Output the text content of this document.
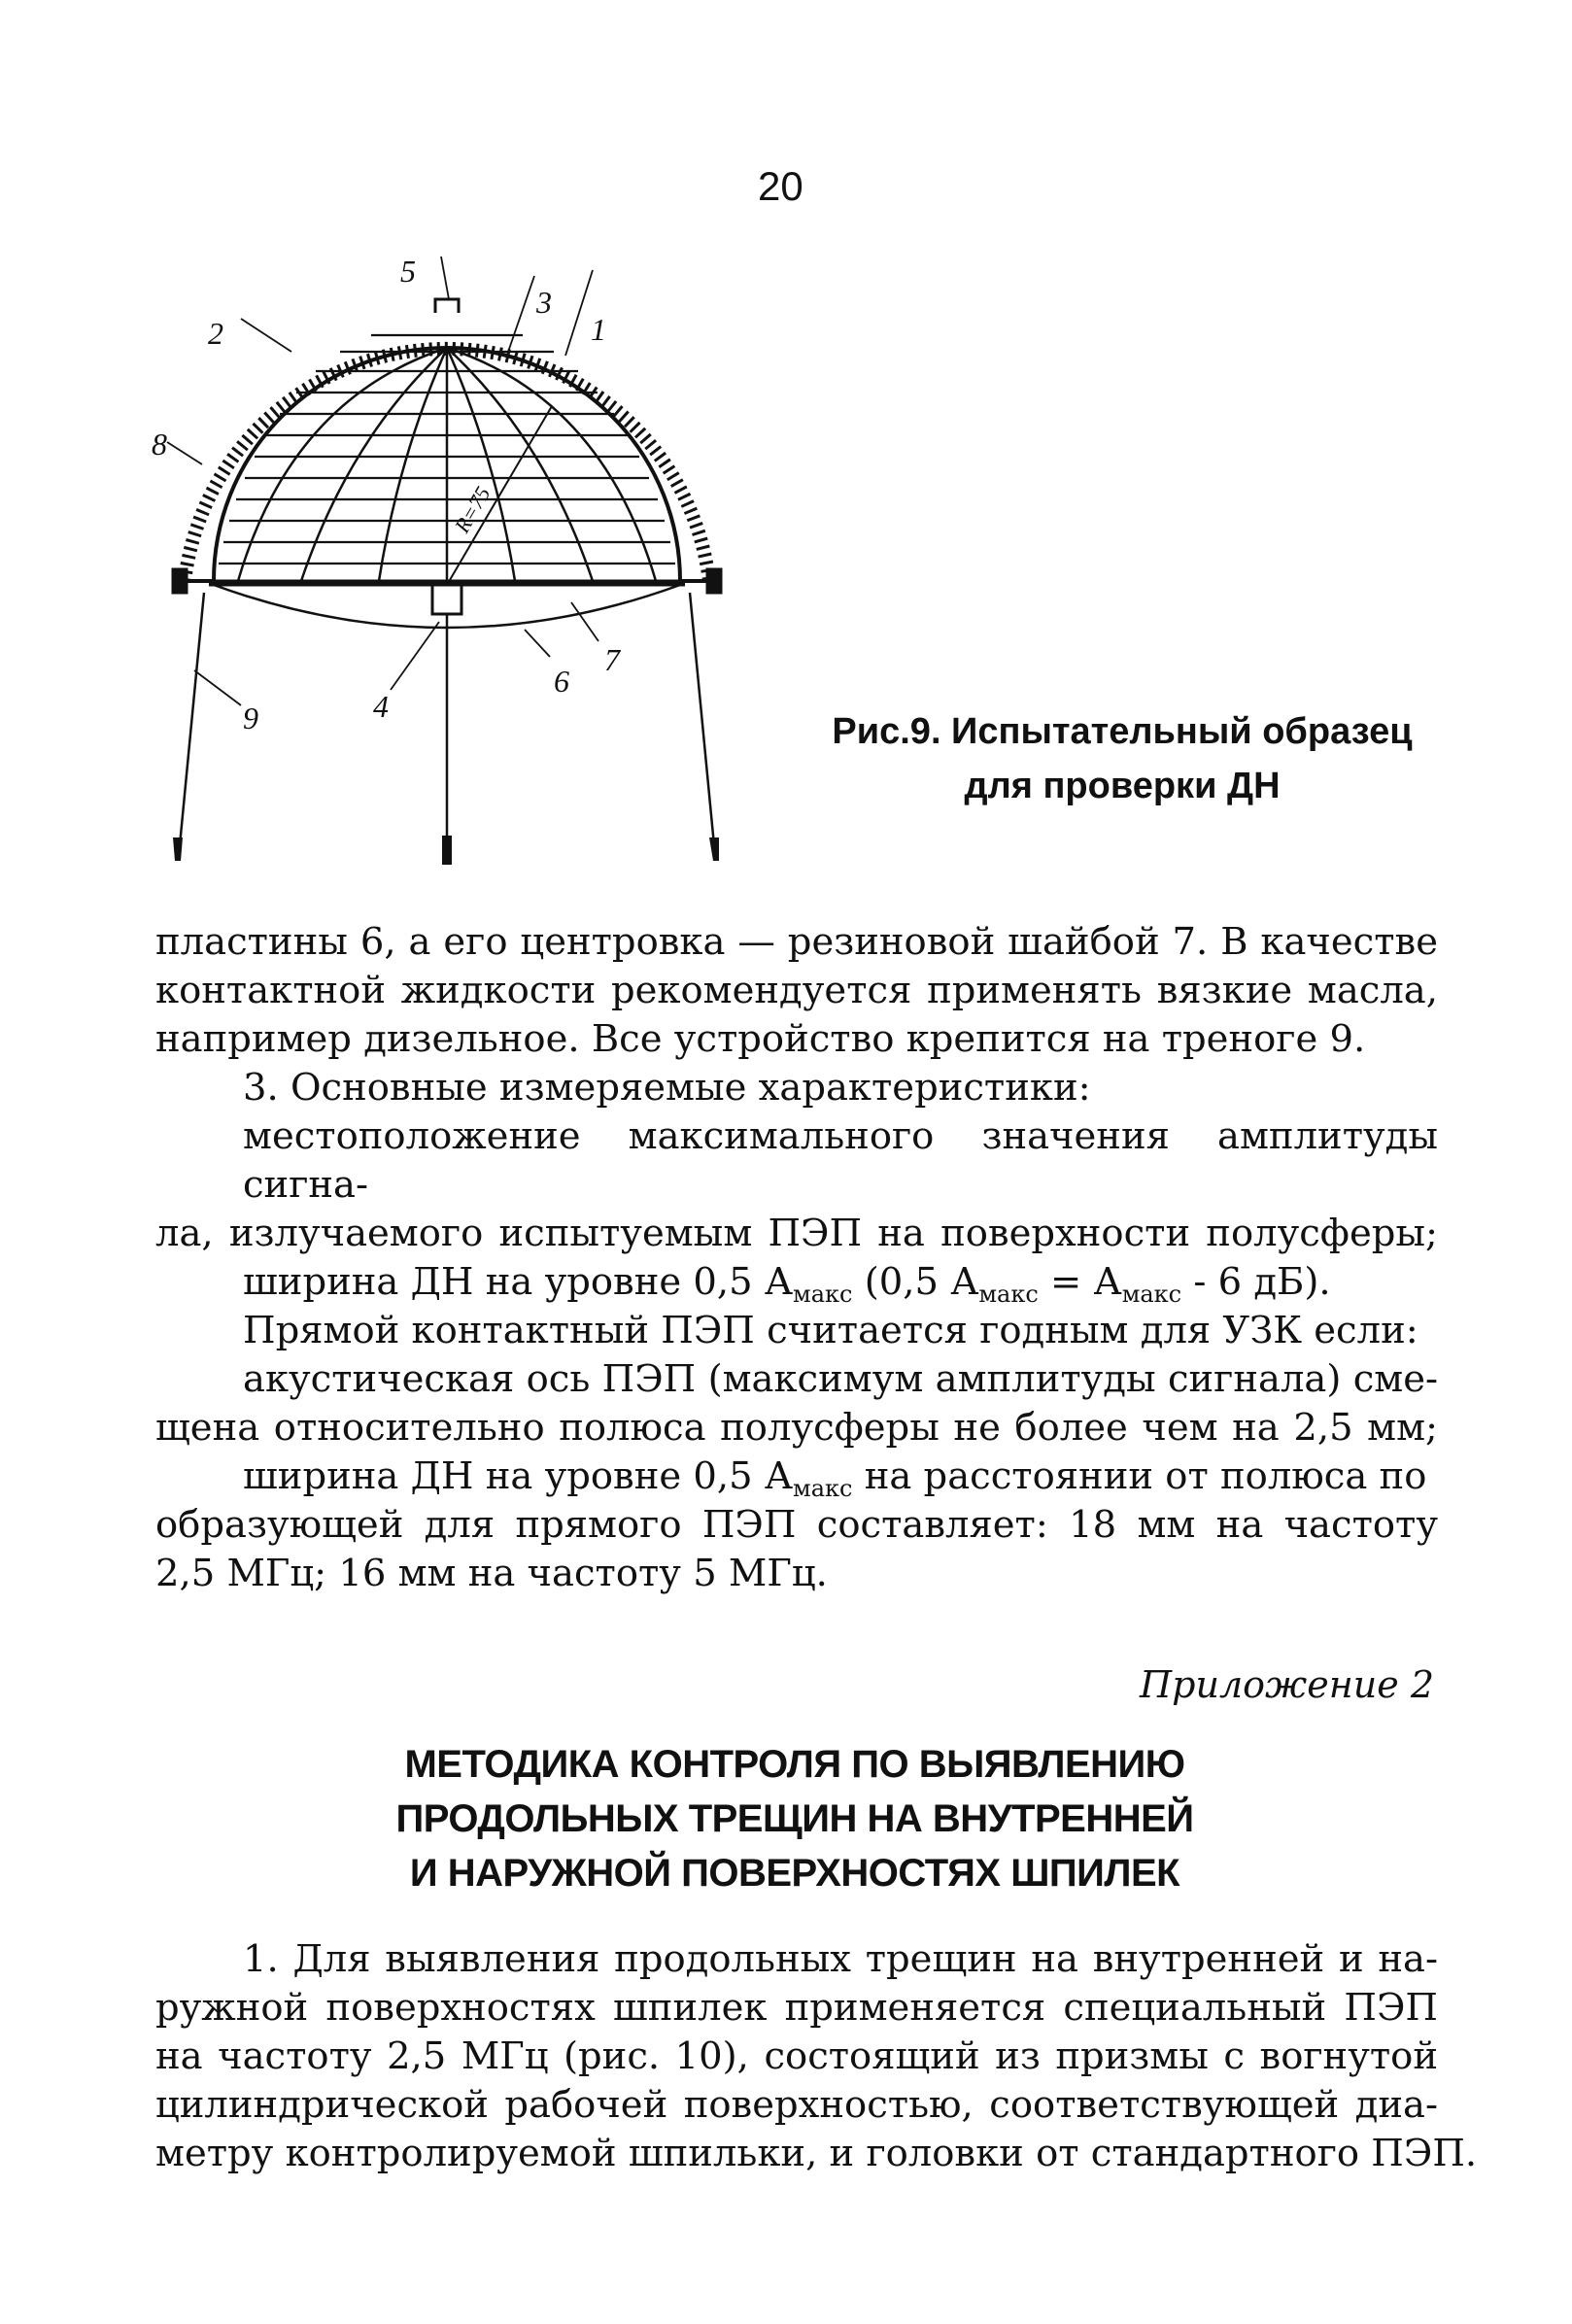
20
5
2
3
1
8
R=75
7
6
9	4
Рис.9. Испытательный образец
для проверки ДН
пластины 6, а его центровка — резиновой шайбой 7. В качестве
контактной жидкости рекомендуется применять вязкие масла,
например дизельное. Все устройство крепится на треноге 9.
3. Основные измеряемые характеристики:
местоположение максимального значения амплитуды сигна-
ла, излучаемого испытуемым ПЭП на поверхности полусферы;
ширина ДН на уровне 0,5 $А_{макс}$ (0,5 $А_{макс} = А_{макс} - 6$ дБ).
Прямой контактный ПЭП считается годным для УЗК если:
акустическая ось ПЭП (максимум амплитуды сигнала) сме-
щена относительно полюса полусферы не более чем на 2,5 мм;
ширина ДН на уровне 0,5 $А_{макс}$ на расстоянии от полюса по
образующей для прямого ПЭП составляет: 18 мм на частоту
2,5 МГц; 16 мм на частоту 5 МГц.
Приложение 2
МЕТОДИКА КОНТРОЛЯ ПО ВЫЯВЛЕНИЮ
ПРОДОЛЬНЫХ ТРЕЩИН НА ВНУТРЕННЕЙ
И НАРУЖНОЙ ПОВЕРХНОСТЯХ ШПИЛЕК
1. Для выявления продольных трещин на внутренней и на-
ружной поверхностях шпилек применяется специальный ПЭП
на частоту 2,5 МГц (рис. 10), состоящий из призмы с вогнутой
цилиндрической рабочей поверхностью, соответствующей диа-
метру контролируемой шпильки, и головки от стандартного ПЭП.
